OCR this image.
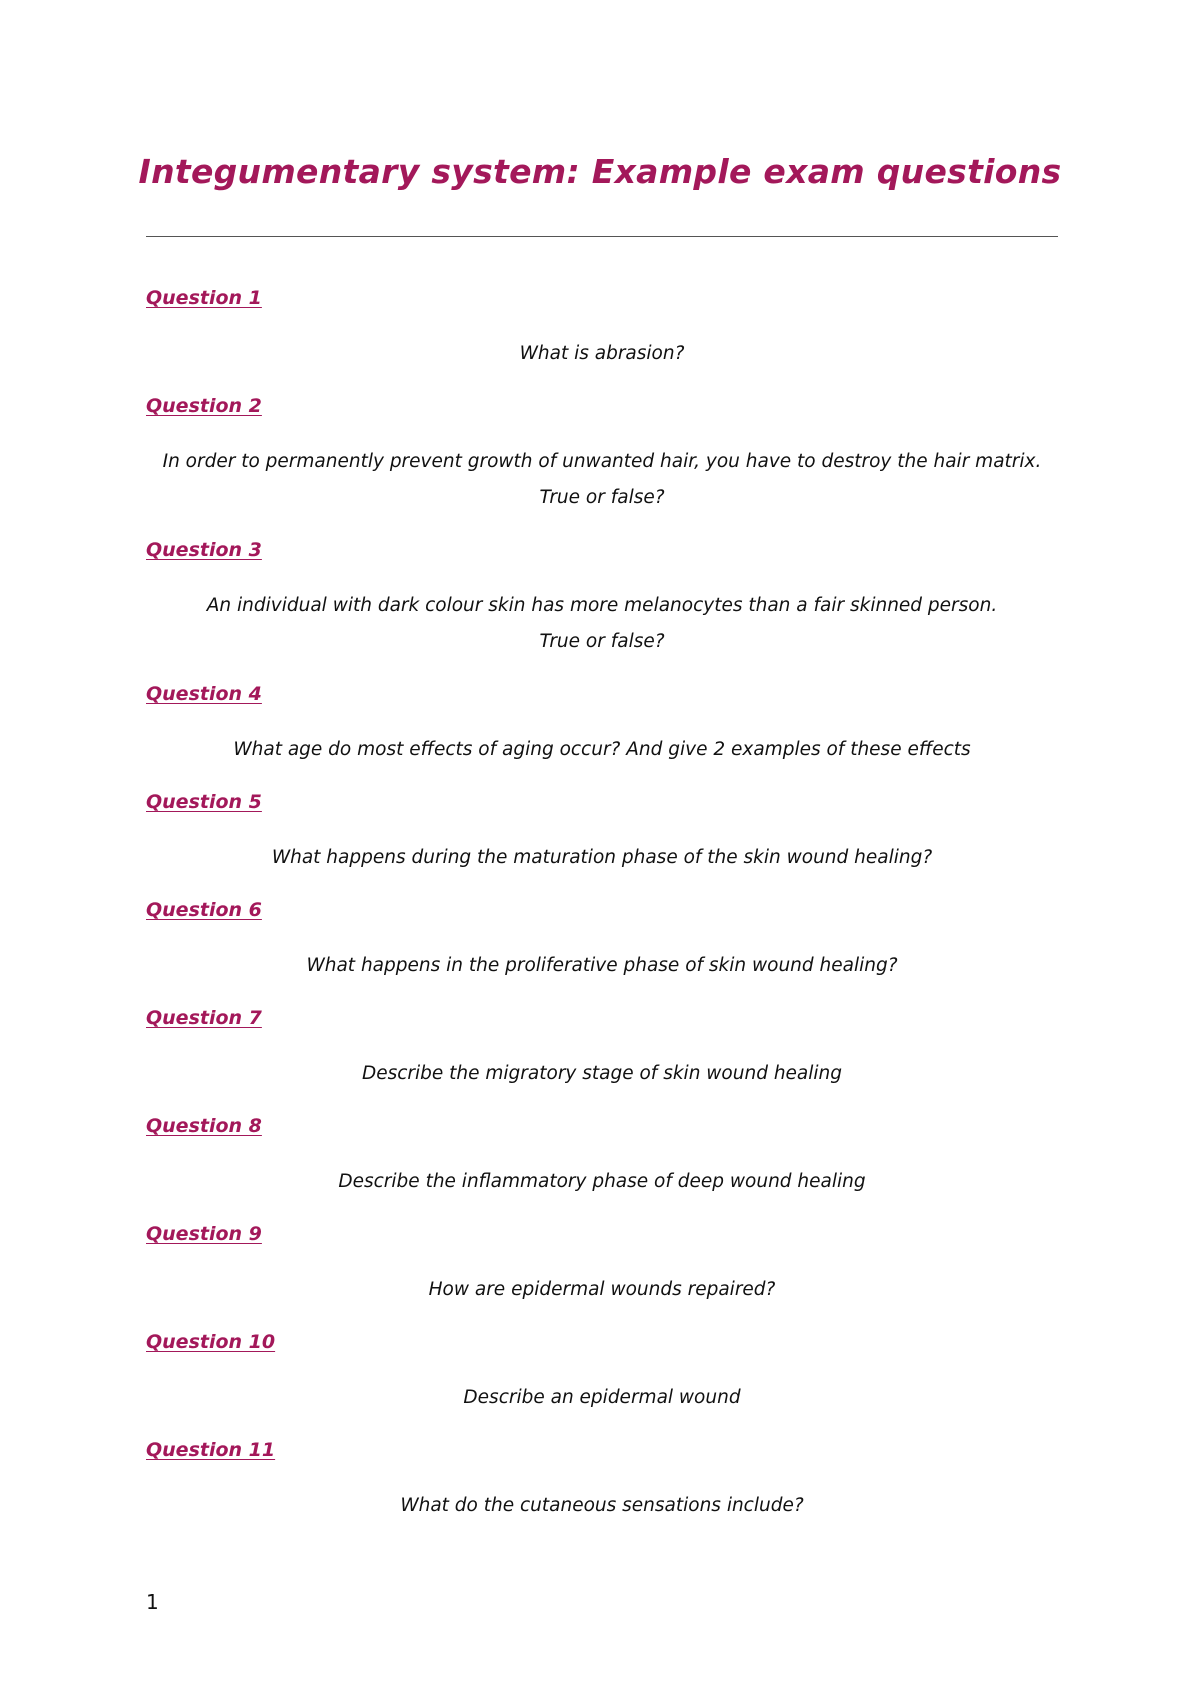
Integumentary system: Example exam questions
Question 1
What is abrasion?
Question 2
In order to permanently prevent growth of unwanted hair, you have to destroy the hair matrix.
True or false?
Question 3
An individual with dark colour skin has more melanocytes than a fair skinned person.
True or false?
Question 4
What age do most effects of aging occur? And give 2 examples of these effects
Question 5
What happens during the maturation phase of the skin wound healing?
Question 6
What happens in the proliferative phase of skin wound healing?
Question 7
Describe the migratory stage of skin wound healing
Question 8
Describe the inflammatory phase of deep wound healing
Question 9
How are epidermal wounds repaired?
Question 10
Describe an epidermal wound
Question 11
What do the cutaneous sensations include?
1
